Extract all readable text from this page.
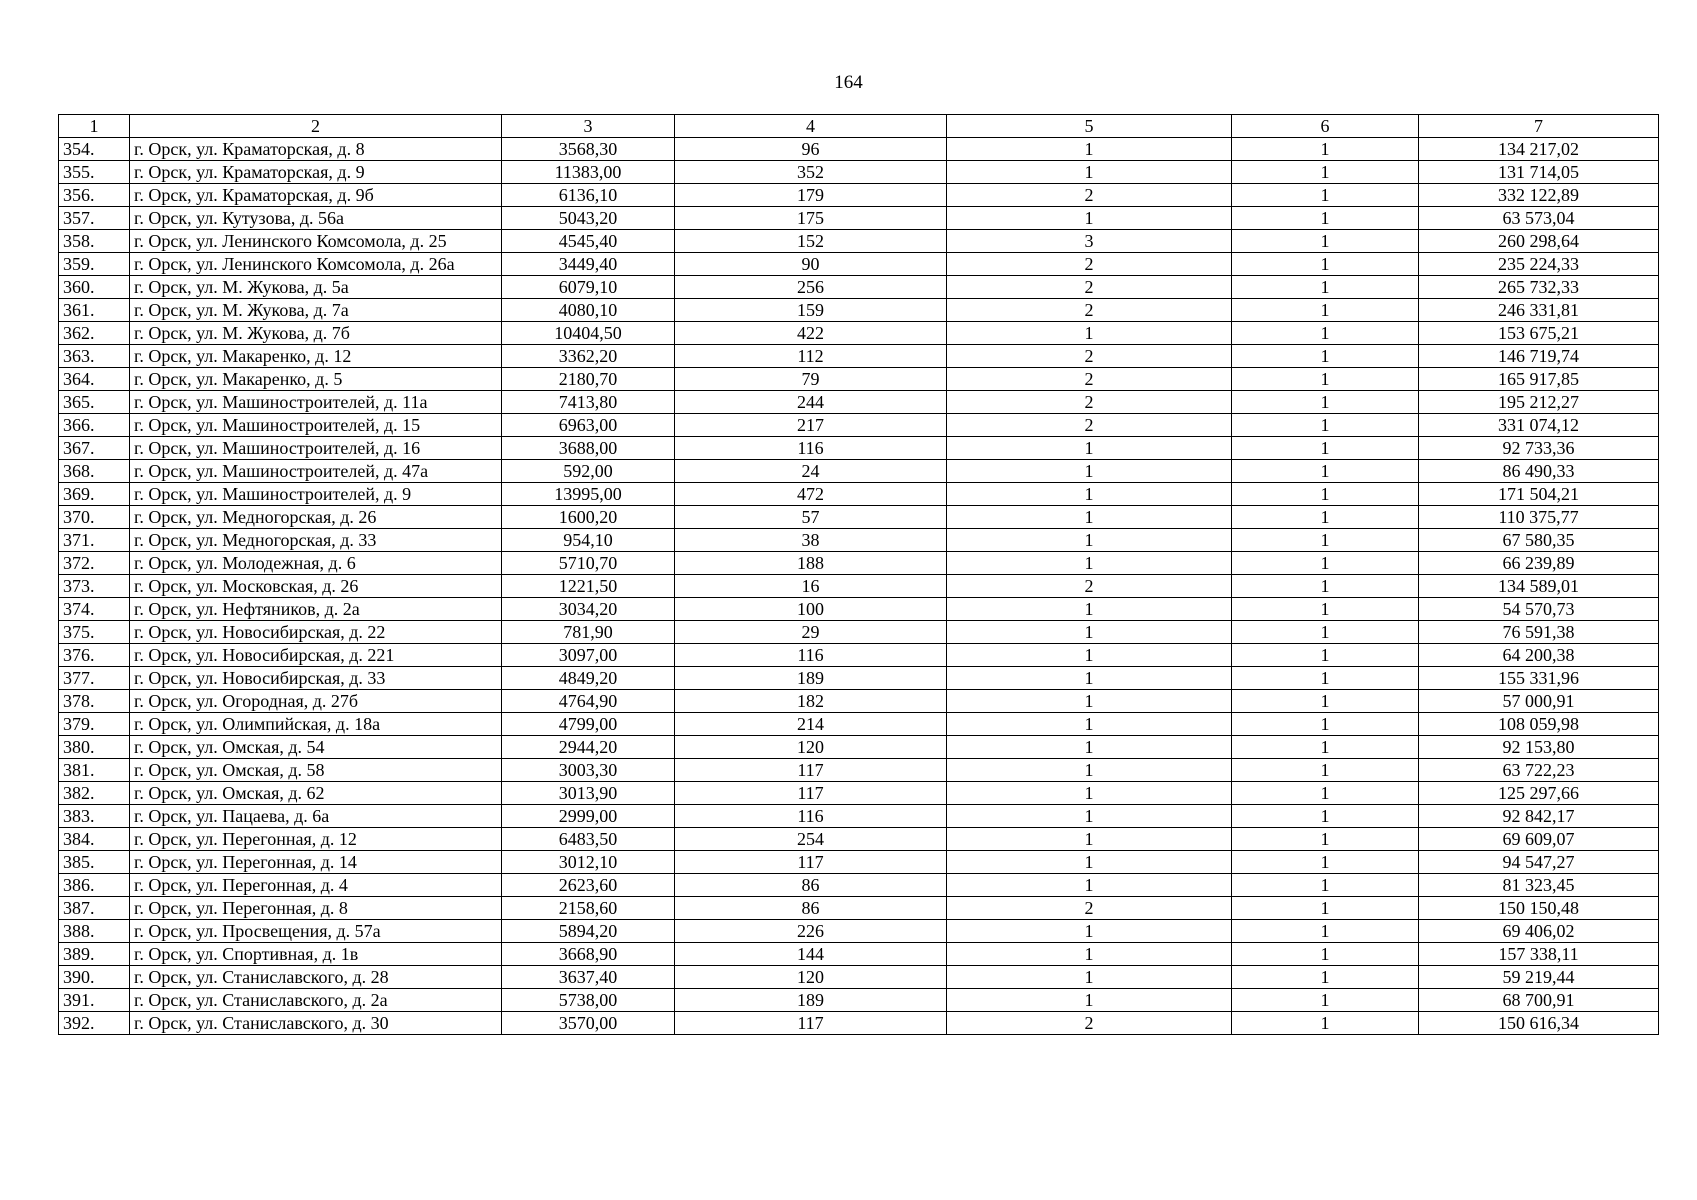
164
1	2	3	4	5	6	7
354.	г. Орск, ул. Краматорская, д. 8	3568,30	96	1	1	134 217,02
355.	г. Орск, ул. Краматорская, д. 9	11383,00	352	1	1	131 714,05
356.	г. Орск, ул. Краматорская, д. 9б	6136,10	179	2	1	332 122,89
357.	г. Орск, ул. Кутузова, д. 56а	5043,20	175	1	1	63 573,04
358.	г. Орск, ул. Ленинского Комсомола, д. 25	4545,40	152	3	1	260 298,64
359.	г. Орск, ул. Ленинского Комсомола, д. 26а	3449,40	90	2	1	235 224,33
360.	г. Орск, ул. М. Жукова, д. 5а	6079,10	256	2	1	265 732,33
361.	г. Орск, ул. М. Жукова, д. 7а	4080,10	159	2	1	246 331,81
362.	г. Орск, ул. М. Жукова, д. 7б	10404,50	422	1	1	153 675,21
363.	г. Орск, ул. Макаренко, д. 12	3362,20	112	2	1	146 719,74
364.	г. Орск, ул. Макаренко, д. 5	2180,70	79	2	1	165 917,85
365.	г. Орск, ул. Машиностроителей, д. 11а	7413,80	244	2	1	195 212,27
366.	г. Орск, ул. Машиностроителей, д. 15	6963,00	217	2	1	331 074,12
367.	г. Орск, ул. Машиностроителей, д. 16	3688,00	116	1	1	92 733,36
368.	г. Орск, ул. Машиностроителей, д. 47а	592,00	24	1	1	86 490,33
369.	г. Орск, ул. Машиностроителей, д. 9	13995,00	472	1	1	171 504,21
370.	г. Орск, ул. Медногорская, д. 26	1600,20	57	1	1	110 375,77
371.	г. Орск, ул. Медногорская, д. 33	954,10	38	1	1	67 580,35
372.	г. Орск, ул. Молодежная, д. 6	5710,70	188	1	1	66 239,89
373.	г. Орск, ул. Московская, д. 26	1221,50	16	2	1	134 589,01
374.	г. Орск, ул. Нефтяников, д. 2а	3034,20	100	1	1	54 570,73
375.	г. Орск, ул. Новосибирская, д. 22	781,90	29	1	1	76 591,38
376.	г. Орск, ул. Новосибирская, д. 221	3097,00	116	1	1	64 200,38
377.	г. Орск, ул. Новосибирская, д. 33	4849,20	189	1	1	155 331,96
378.	г. Орск, ул. Огородная, д. 27б	4764,90	182	1	1	57 000,91
379.	г. Орск, ул. Олимпийская, д. 18а	4799,00	214	1	1	108 059,98
380.	г. Орск, ул. Омская, д. 54	2944,20	120	1	1	92 153,80
381.	г. Орск, ул. Омская, д. 58	3003,30	117	1	1	63 722,23
382.	г. Орск, ул. Омская, д. 62	3013,90	117	1	1	125 297,66
383.	г. Орск, ул. Пацаева, д. 6а	2999,00	116	1	1	92 842,17
384.	г. Орск, ул. Перегонная, д. 12	6483,50	254	1	1	69 609,07
385.	г. Орск, ул. Перегонная, д. 14	3012,10	117	1	1	94 547,27
386.	г. Орск, ул. Перегонная, д. 4	2623,60	86	1	1	81 323,45
387.	г. Орск, ул. Перегонная, д. 8	2158,60	86	2	1	150 150,48
388.	г. Орск, ул. Просвещения, д. 57а	5894,20	226	1	1	69 406,02
389.	г. Орск, ул. Спортивная, д. 1в	3668,90	144	1	1	157 338,11
390.	г. Орск, ул. Станиславского, д. 28	3637,40	120	1	1	59 219,44
391.	г. Орск, ул. Станиславского, д. 2а	5738,00	189	1	1	68 700,91
392.	г. Орск, ул. Станиславского, д. 30	3570,00	117	2	1	150 616,34
